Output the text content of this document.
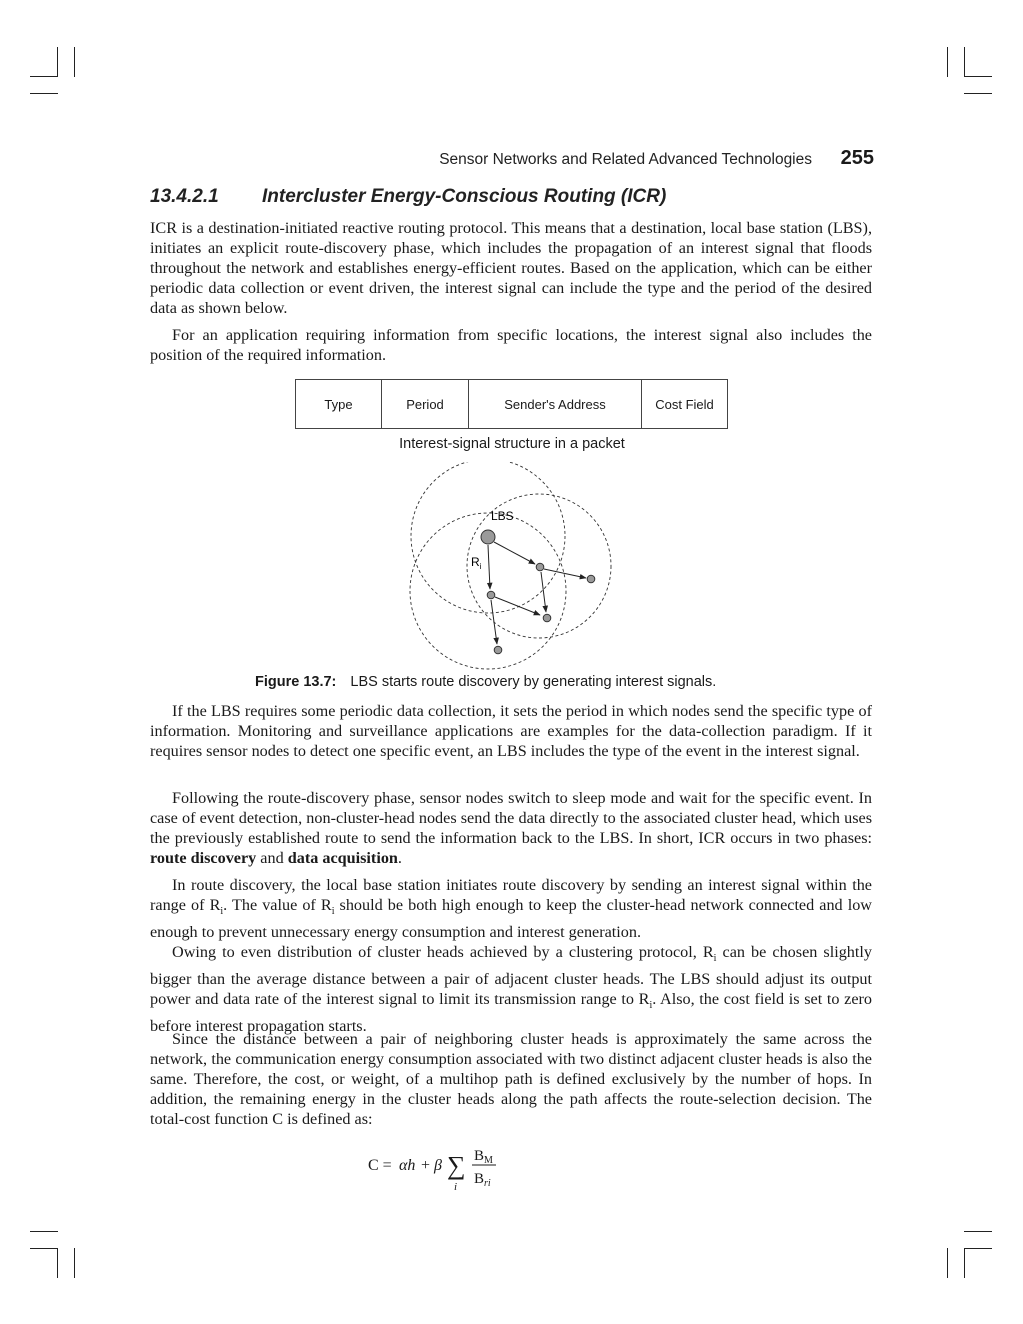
Sensor Networks and Related Advanced Technologies 255
13.4.2.1 Intercluster Energy-Conscious Routing (ICR)

ICR is a destination-initiated reactive routing protocol. This means that a destination, local base station (LBS), initiates an explicit route-discovery phase, which includes the propagation of an interest signal that floods throughout the network and establishes energy-efficient routes. Based on the application, which can be either periodic data collection or event driven, the interest signal can include the type and the period of the desired data as shown below.

For an application requiring information from specific locations, the interest signal also includes the position of the required information.

Type	Period	Sender's Address	Cost Field
Interest-signal structure in a packet
LBS
$R_i$
Figure 13.7: LBS starts route discovery by generating interest signals.

If the LBS requires some periodic data collection, it sets the period in which nodes send the specific type of information. Monitoring and surveillance applications are examples for the data-collection paradigm. If it requires sensor nodes to detect one specific event, an LBS includes the type of the event in the interest signal.

Following the route-discovery phase, sensor nodes switch to sleep mode and wait for the specific event. In case of event detection, non-cluster-head nodes send the data directly to the associated cluster head, which uses the previously established route to send the information back to the LBS. In short, ICR occurs in two phases: route discovery and data acquisition.

In route discovery, the local base station initiates route discovery by sending an interest signal within the range of $R_i$. The value of $R_i$ should be both high enough to keep the cluster-head network connected and low enough to prevent unnecessary energy consumption and interest generation.

Owing to even distribution of cluster heads achieved by a clustering protocol, $R_i$ can be chosen slightly bigger than the average distance between a pair of adjacent cluster heads. The LBS should adjust its output power and data rate of the interest signal to limit its transmission range to $R_i$. Also, the cost field is set to zero before interest propagation starts.

Since the distance between a pair of neighboring cluster heads is approximately the same across the network, the communication energy consumption associated with two distinct adjacent cluster heads is also the same. Therefore, the cost, or weight, of a multihop path is defined exclusively by the number of hops. In addition, the remaining energy in the cluster heads along the path affects the route-selection decision. The total-cost function C is defined as:

C = αh + β ∑
i
$B_M$
$B_{ri}$
